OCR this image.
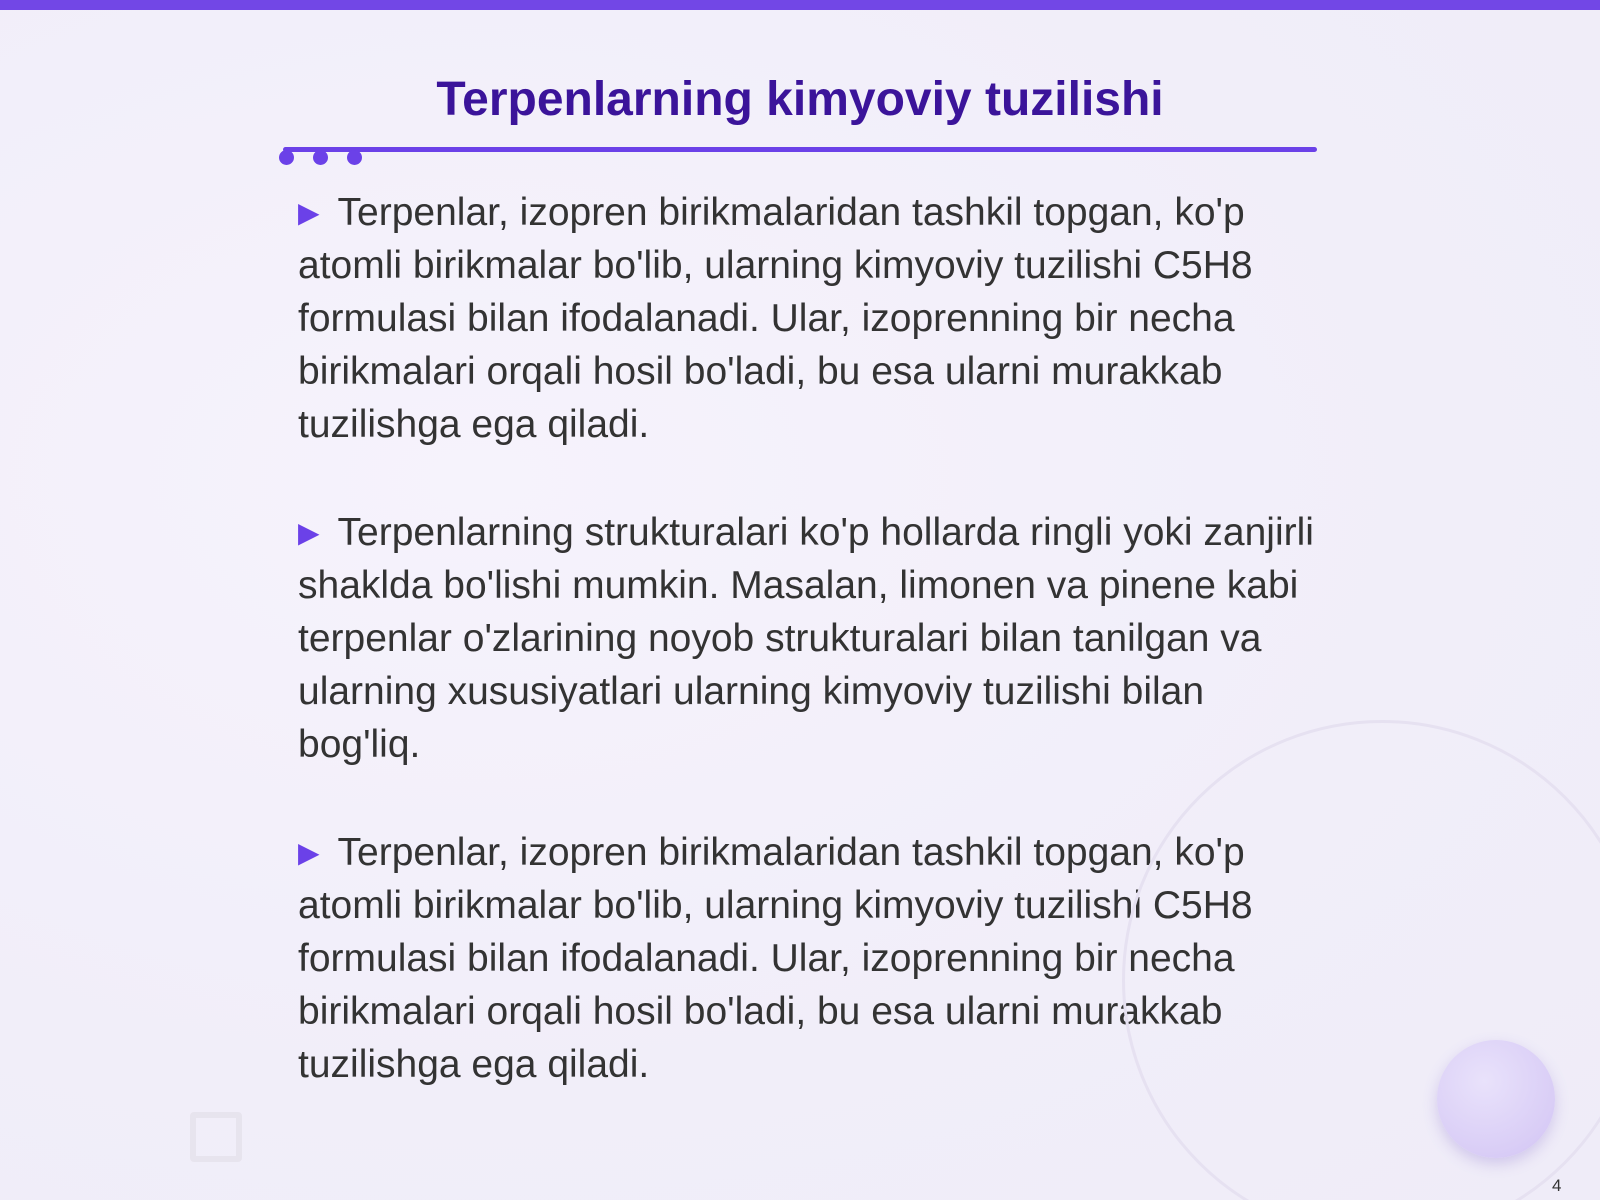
Terpenlarning kimyoviy tuzilishi

▶ Terpenlar, izopren birikmalaridan tashkil topgan, ko'p atomli birikmalar bo'lib, ularning kimyoviy tuzilishi C5H8 formulasi bilan ifodalanadi. Ular, izoprenning bir necha birikmalari orqali hosil bo'ladi, bu esa ularni murakkab tuzilishga ega qiladi.

▶ Terpenlarning strukturalari ko'p hollarda ringli yoki zanjirli shakldа bo'lishi mumkin. Masalan, limonen va pinene kabi terpenlar o'zlarining noyob strukturalari bilan tanilgan va ularning xususiyatlari ularning kimyoviy tuzilishi bilan bog'liq.

▶ Terpenlar, izopren birikmalaridan tashkil topgan, ko'p atomli birikmalar bo'lib, ularning kimyoviy tuzilishi C5H8 formulasi bilan ifodalanadi. Ular, izoprenning bir necha birikmalari orqali hosil bo'ladi, bu esa ularni murakkab tuzilishga ega qiladi.

4
